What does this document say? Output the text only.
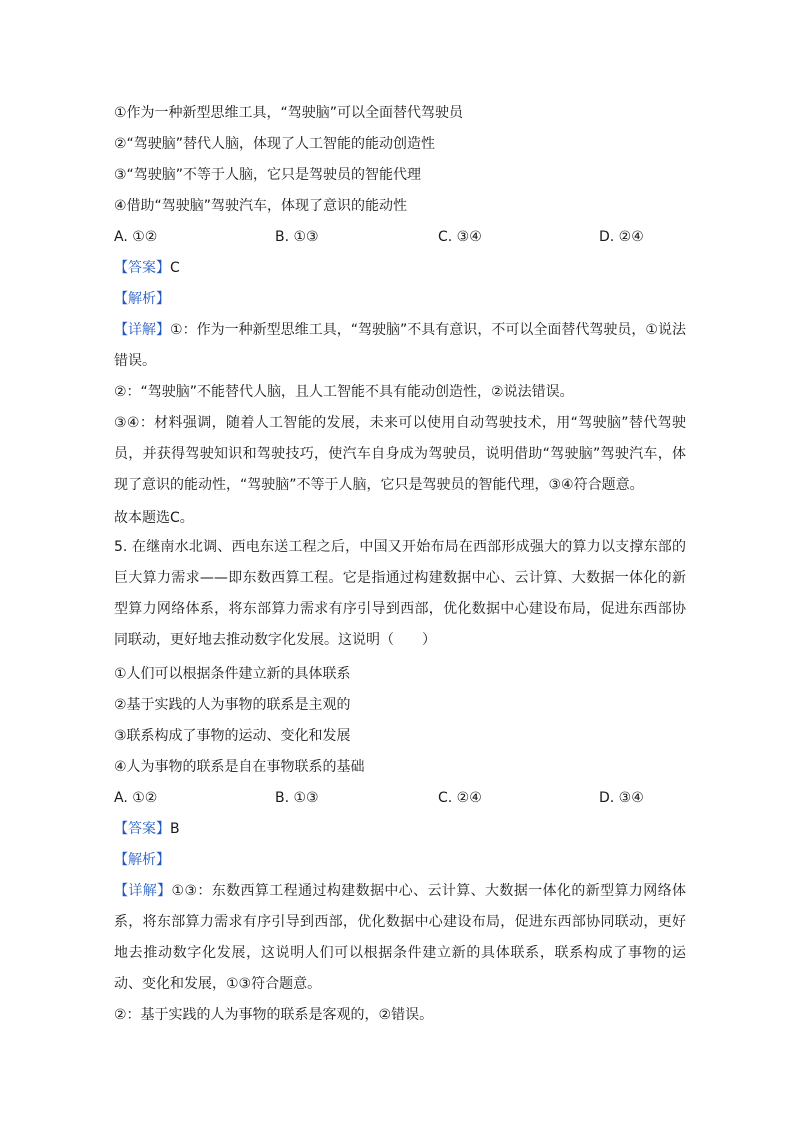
①作为一种新型思维工具，“驾驶脑”可以全面替代驾驶员
②“驾驶脑”替代人脑，体现了人工智能的能动创造性
③“驾驶脑”不等于人脑，它只是驾驶员的智能代理
④借助“驾驶脑”驾驶汽车，体现了意识的能动性
A. ①②	B. ①③	C. ③④	D. ②④
【答案】C
【解析】
【详解】①：作为一种新型思维工具，“驾驶脑”不具有意识，不可以全面替代驾驶员，①说法错误。
②：“驾驶脑”不能替代人脑，且人工智能不具有能动创造性，②说法错误。
③④：材料强调，随着人工智能的发展，未来可以使用自动驾驶技术，用“驾驶脑”替代驾驶员，并获得驾驶知识和驾驶技巧，使汽车自身成为驾驶员，说明借助“驾驶脑”驾驶汽车，体现了意识的能动性，“驾驶脑”不等于人脑，它只是驾驶员的智能代理，③④符合题意。
故本题选C。
5. 在继南水北调、西电东送工程之后，中国又开始布局在西部形成强大的算力以支撑东部的巨大算力需求——即东数西算工程。它是指通过构建数据中心、云计算、大数据一体化的新型算力网络体系，将东部算力需求有序引导到西部，优化数据中心建设布局，促进东西部协同联动，更好地去推动数字化发展。这说明（　　）
①人们可以根据条件建立新的具体联系
②基于实践的人为事物的联系是主观的
③联系构成了事物的运动、变化和发展
④人为事物的联系是自在事物联系的基础
A. ①②	B. ①③	C. ②④	D. ③④
【答案】B
【解析】
【详解】①③：东数西算工程通过构建数据中心、云计算、大数据一体化的新型算力网络体系，将东部算力需求有序引导到西部，优化数据中心建设布局，促进东西部协同联动，更好地去推动数字化发展，这说明人们可以根据条件建立新的具体联系，联系构成了事物的运动、变化和发展，①③符合题意。
②：基于实践的人为事物的联系是客观的，②错误。
